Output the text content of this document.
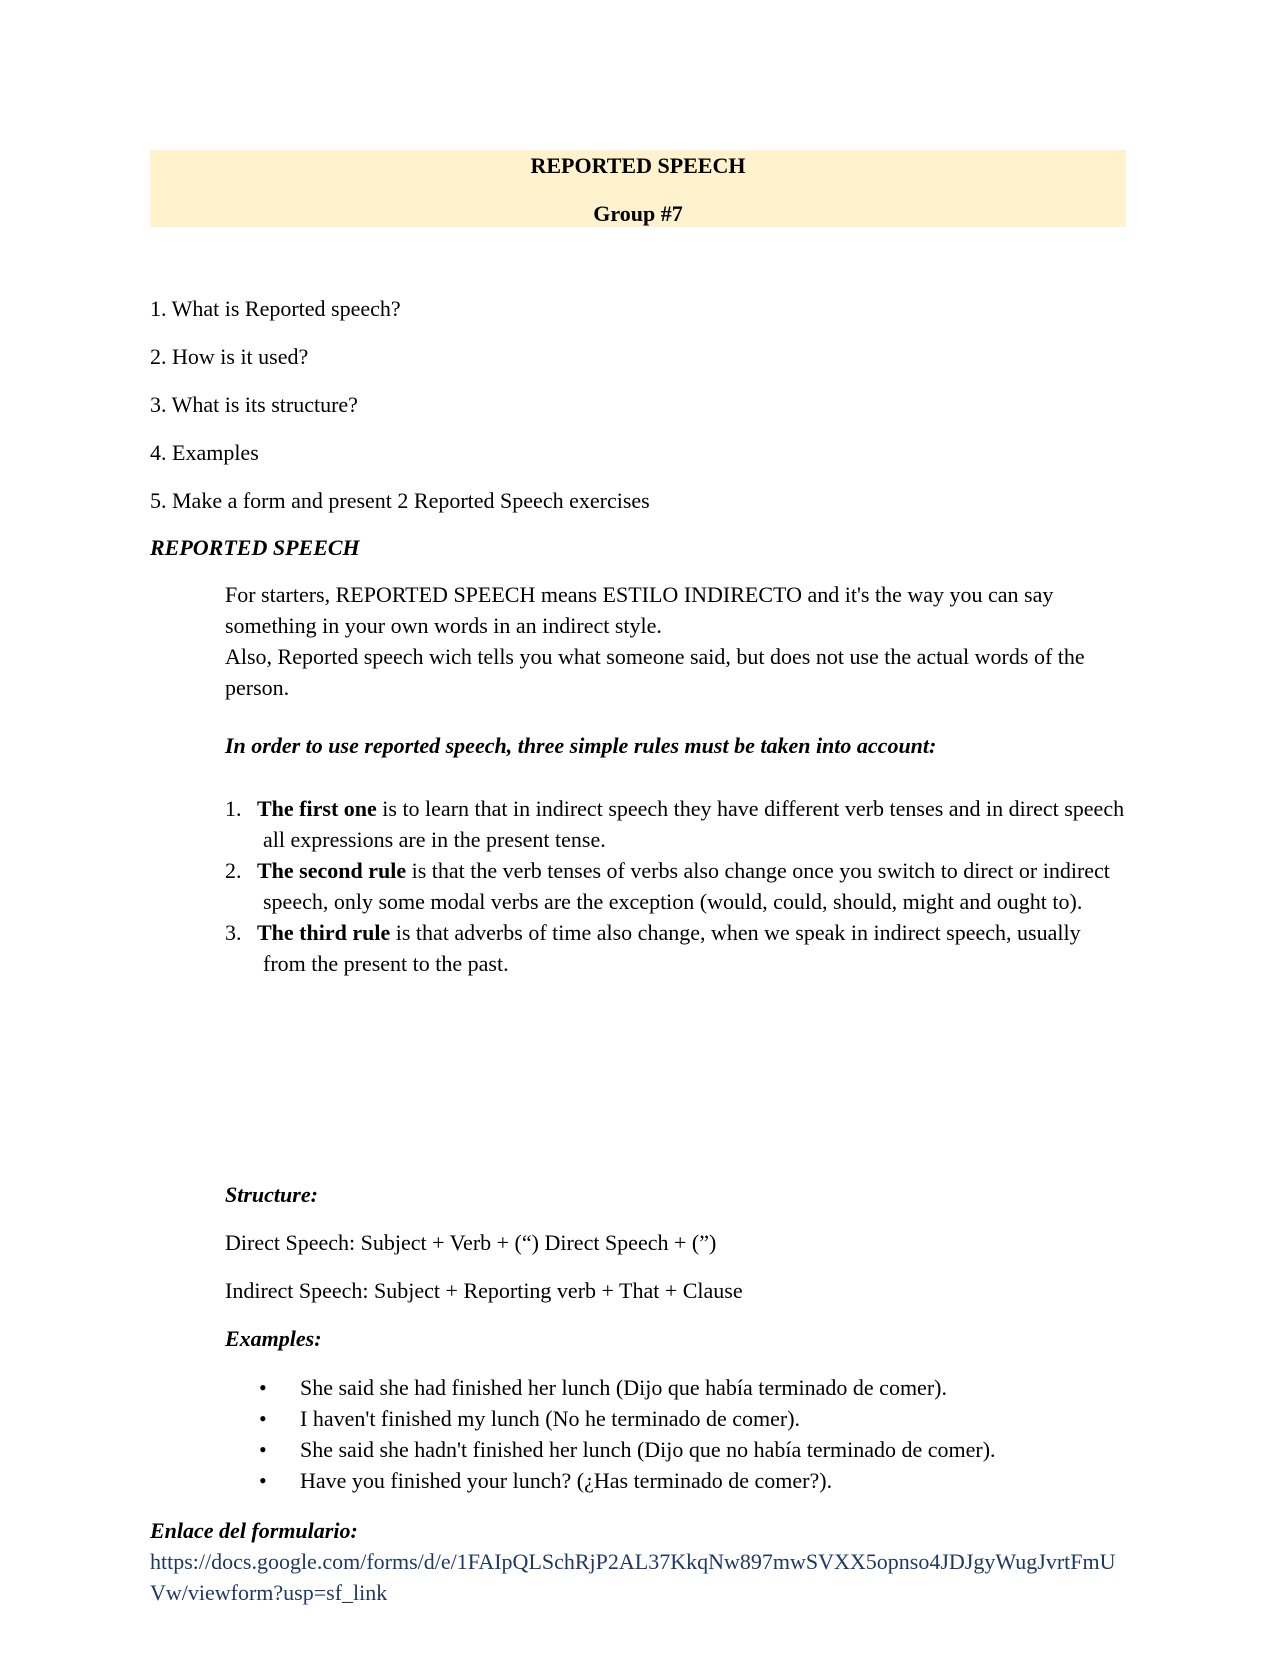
REPORTED SPEECH
Group #7
1. What is Reported speech?
2. How is it used?
3. What is its structure?
4. Examples
5. Make a form and present 2 Reported Speech exercises
REPORTED SPEECH

For starters, REPORTED SPEECH means ESTILO INDIRECTO and it's the way you can say something in your own words in an indirect style.

Also, Reported speech wich tells you what someone said, but does not use the actual words of the person.

In order to use reported speech, three simple rules must be taken into account:
1. The first one is to learn that in indirect speech they have different verb tenses and in direct speech all expressions are in the present tense.
2. The second rule is that the verb tenses of verbs also change once you switch to direct or indirect speech, only some modal verbs are the exception (would, could, should, might and ought to).
3. The third rule is that adverbs of time also change, when we speak in indirect speech, usually from the present to the past.
Structure:
Direct Speech: Subject + Verb + (“) Direct Speech + (”)
Indirect Speech: Subject + Reporting verb + That + Clause
Examples:
• She said she had finished her lunch (Dijo que había terminado de comer).
• I haven't finished my lunch (No he terminado de comer).
• She said she hadn't finished her lunch (Dijo que no había terminado de comer).
• Have you finished your lunch? (¿Has terminado de comer?).
Enlace del formulario:
https://docs.google.com/forms/d/e/1FAIpQLSchRjP2AL37KkqNw897mwSVXX5opnso4JDJgyWugJvrtFmUVw/viewform?usp=sf_link
